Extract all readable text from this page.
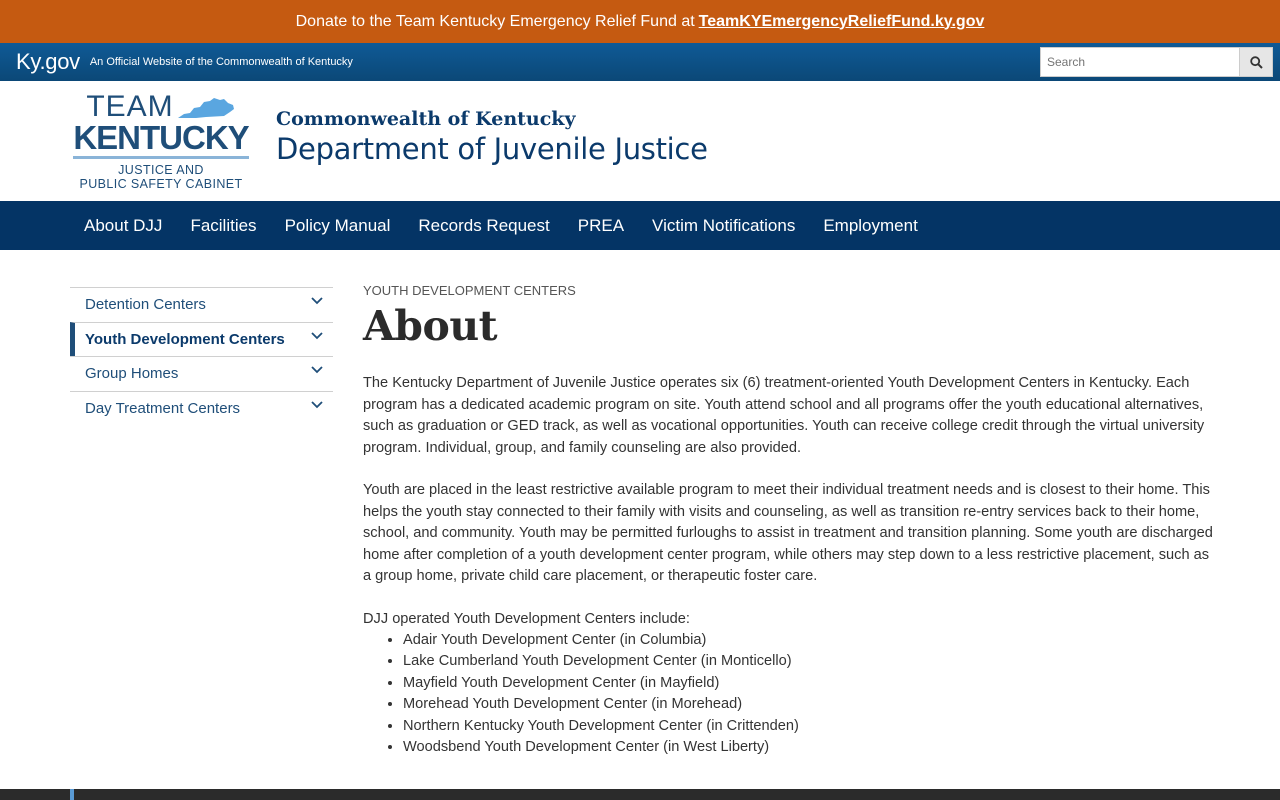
Donate to the Team Kentucky Emergency Relief Fund at TeamKYEmergencyReliefFund.ky.gov
Ky.gov An Official Website of the Commonwealth of Kentucky
Search
TEAM
KENTUCKY
JUSTICE AND
PUBLIC SAFETY CABINET
Commonwealth of Kentucky
Department of Juvenile Justice
About DJJ	Facilities	Policy Manual	Records Request	PREA	Victim Notifications	Employment
Detention Centers
Youth Development Centers
Group Homes
Day Treatment Centers
YOUTH DEVELOPMENT CENTERS
About

The Kentucky Department of Juvenile Justice operates six (6) treatment-oriented Youth Development Centers in Kentucky. Each program has a dedicated academic program on site. Youth attend school and all programs offer the youth educational alternatives, such as graduation or GED track, as well as vocational opportunities. Youth can receive college credit through the virtual university program. Individual, group, and family counseling are also provided.

Youth are placed in the least restrictive available program to meet their individual treatment needs and is closest to their home. This helps the youth stay connected to their family with visits and counseling, as well as transition re-entry services back to their home, school, and community. Youth may be permitted furloughs to assist in treatment and transition planning. Some youth are discharged home after completion of a youth development center program, while others may step down to a less restrictive placement, such as a group home, private child care placement, or therapeutic foster care.

DJJ operated Youth Development Centers include:

• Adair Youth Development Center (in Columbia)
• Lake Cumberland Youth Development Center (in Monticello)
• Mayfield Youth Development Center (in Mayfield)
• Morehead Youth Development Center (in Morehead)
• Northern Kentucky Youth Development Center (in Crittenden)
• Woodsbend Youth Development Center (in West Liberty)
